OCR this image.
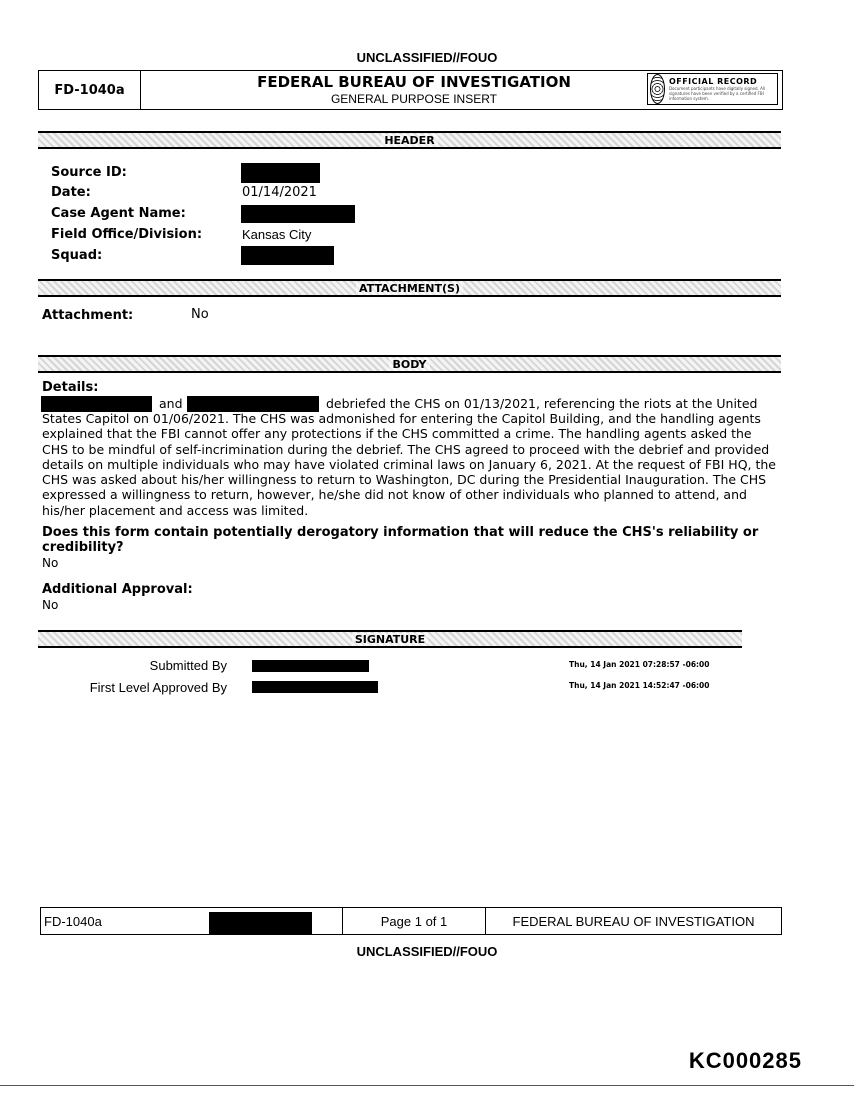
UNCLASSIFIED//FOUO
FD-1040a	FEDERAL BUREAU OF INVESTIGATION
GENERAL PURPOSE INSERT
OFFICIAL RECORD
Document participants have digitally signed. All signatures have been verified by a certified FBI information system.
HEADER
Source ID:
Date:	01/14/2021
Case Agent Name:
Field Office/Division:	Kansas City
Squad:
ATTACHMENT(S)
Attachment:	No
BODY
Details:
and	debriefed the CHS on 01/13/2021, referencing the riots at the United
States Capitol on 01/06/2021. The CHS was admonished for entering the Capitol Building, and the handling agents explained that the FBI cannot offer any protections if the CHS committed a crime. The handling agents asked the CHS to be mindful of self-incrimination during the debrief. The CHS agreed to proceed with the debrief and provided details on multiple individuals who may have violated criminal laws on January 6, 2021. At the request of FBI HQ, the CHS was asked about his/her willingness to return to Washington, DC during the Presidential Inauguration. The CHS expressed a willingness to return, however, he/she did not know of other individuals who planned to attend, and his/her placement and access was limited.
Does this form contain potentially derogatory information that will reduce the CHS's reliability or credibility?
No
Additional Approval:
No
SIGNATURE
Submitted By	Thu, 14 Jan 2021 07:28:57 -06:00
First Level Approved By	Thu, 14 Jan 2021 14:52:47 -06:00
FD-1040a	Page 1 of 1	FEDERAL BUREAU OF INVESTIGATION
UNCLASSIFIED//FOUO
KC000285
